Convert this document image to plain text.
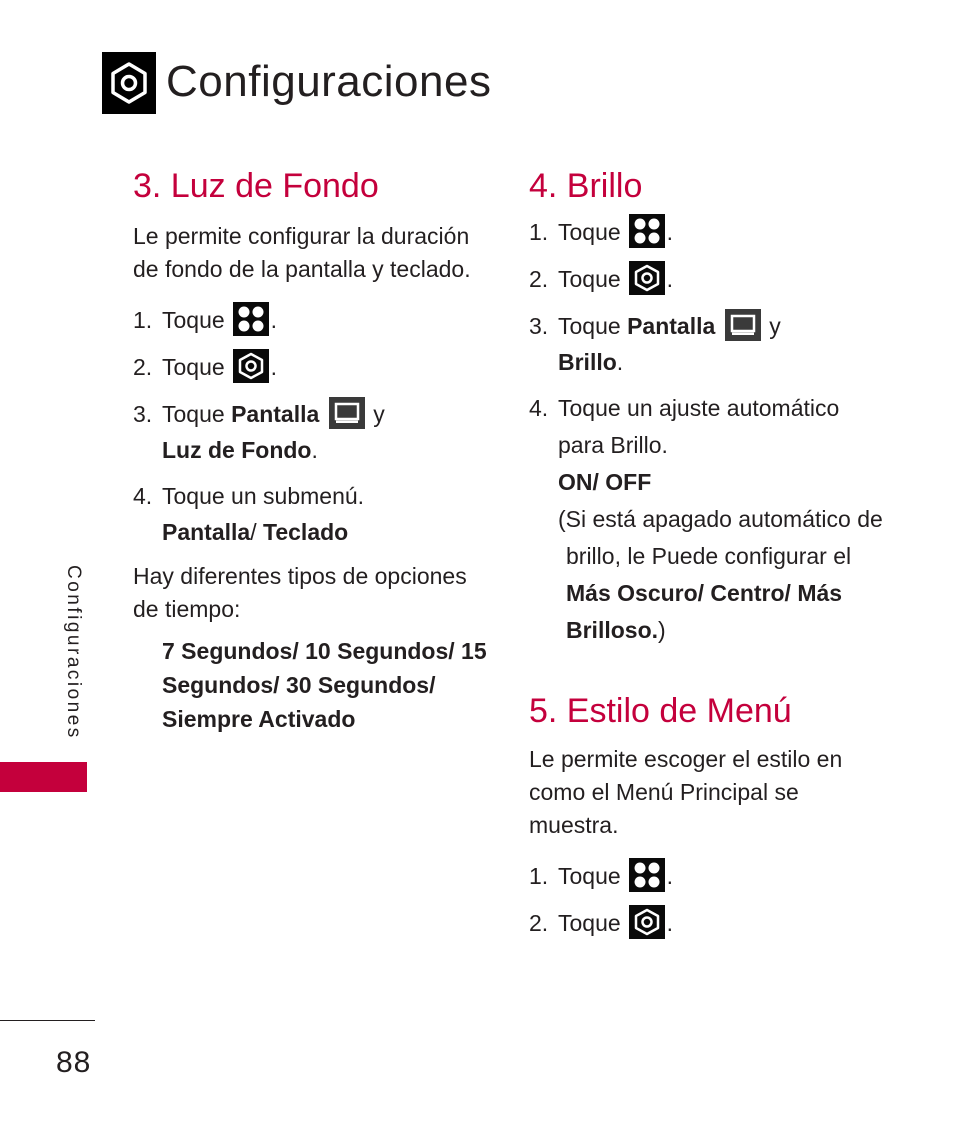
Configuraciones
3. Luz de Fondo

Le permite configurar la duración de fondo de la pantalla y teclado.

1. Toque .
2. Toque .
3. Toque Pantalla y
Luz de Fondo.
4. Toque un submenú.
Pantalla/ Teclado

Hay diferentes tipos de opciones de tiempo:

7 Segundos/ 10 Segundos/ 15 Segundos/ 30 Segundos/ Siempre Activado
4. Brillo
1. Toque .
2. Toque .
3. Toque Pantalla y
Brillo.
4. Toque un ajuste automático para Brillo.
ON/ OFF
(Si está apagado automático de brillo, le Puede configurar el Más Oscuro/ Centro/ Más Brilloso.)
5. Estilo de Menú

Le permite escoger el estilo en como el Menú Principal se muestra.

1. Toque .
2. Toque .
Configuraciones
88
